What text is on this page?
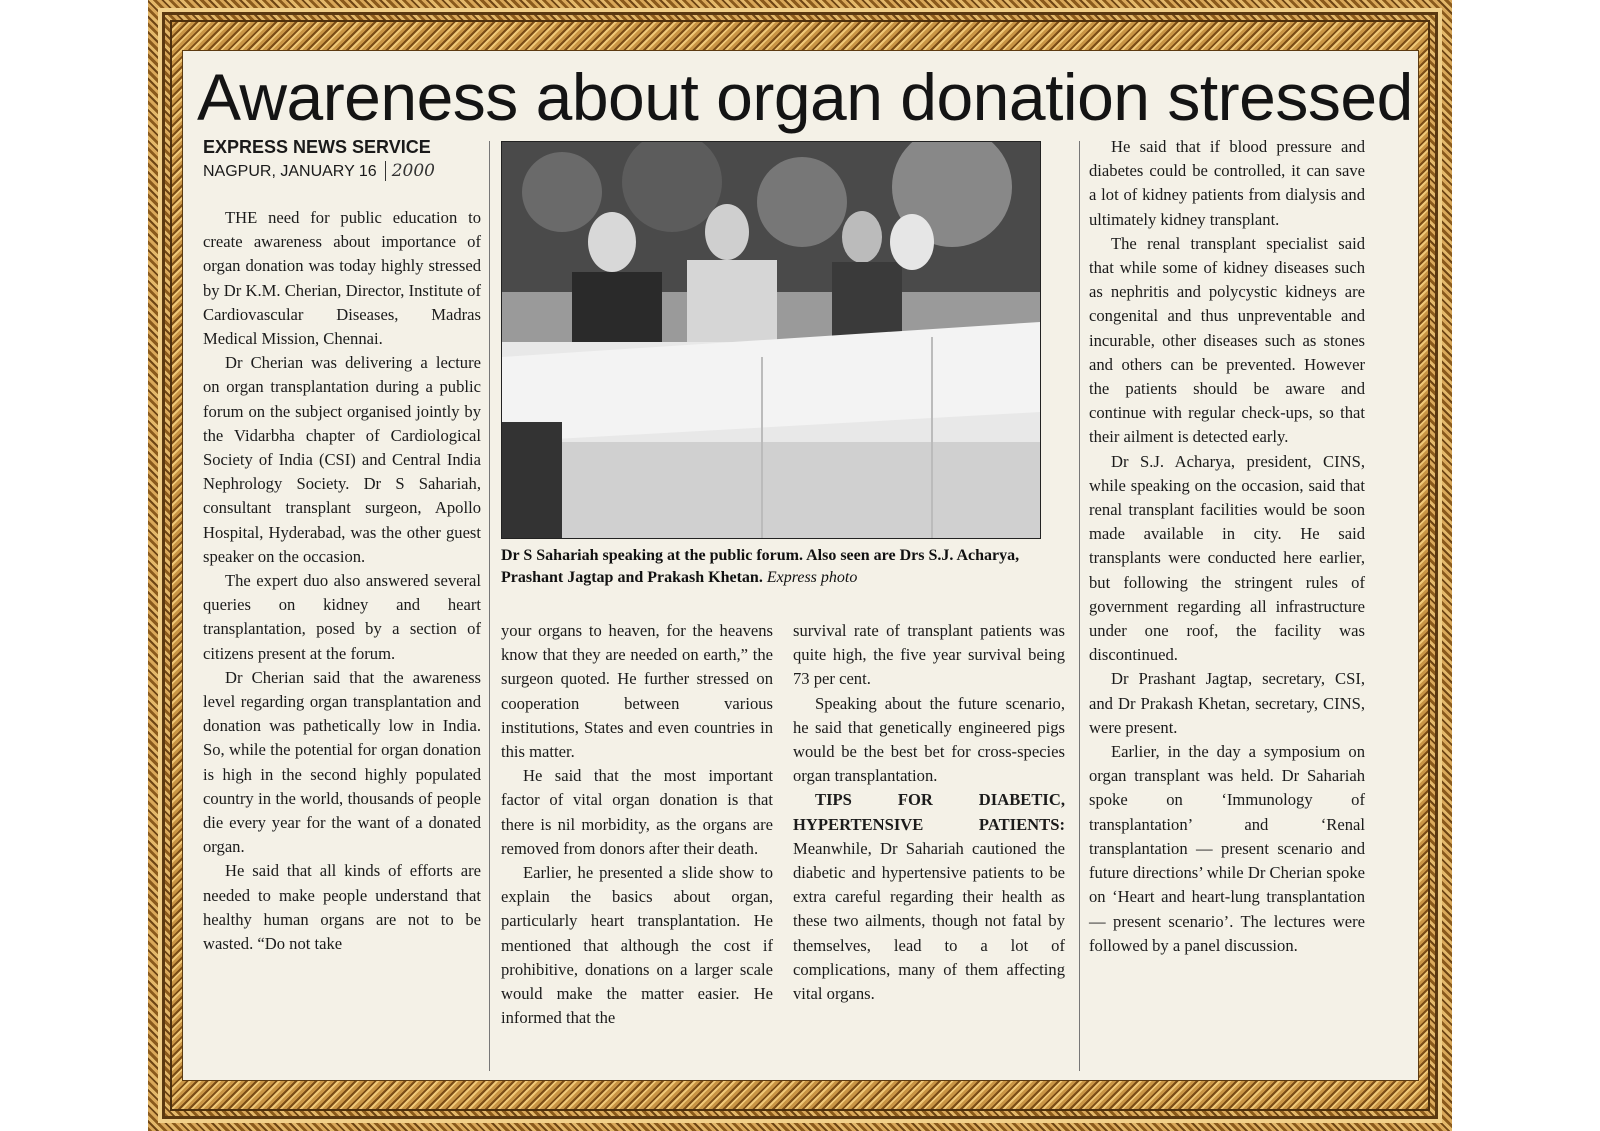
Awareness about organ donation stressed
EXPRESS NEWS SERVICE
NAGPUR, JANUARY 16 2000

THE need for public education to create awareness about importance of organ donation was today highly stressed by Dr K.M. Cherian, Director, Institute of Cardiovascular Diseases, Madras Medical Mission, Chennai.

Dr Cherian was delivering a lecture on organ transplantation during a public forum on the subject organised jointly by the Vidarbha chapter of Cardiological Society of India (CSI) and Central India Nephrology Society. Dr S Sahariah, consultant transplant surgeon, Apollo Hospital, Hyderabad, was the other guest speaker on the occasion.

The expert duo also answered several queries on kidney and heart transplantation, posed by a section of citizens present at the forum.

Dr Cherian said that the awareness level regarding organ transplantation and donation was pathetically low in India. So, while the potential for organ donation is high in the second highly populated country in the world, thousands of people die every year for the want of a donated organ.

He said that all kinds of efforts are needed to make people understand that healthy human organs are not to be wasted. “Do not take

Dr S Sahariah speaking at the public forum. Also seen are Drs S.J. Acharya, Prashant Jagtap and Prakash Khetan. Express photo

your organs to heaven, for the heavens know that they are needed on earth,” the surgeon quoted. He further stressed on cooperation between various institutions, States and even countries in this matter.

He said that the most important factor of vital organ donation is that there is nil morbidity, as the organs are removed from donors after their death.

Earlier, he presented a slide show to explain the basics about organ, particularly heart transplantation. He mentioned that although the cost if prohibitive, donations on a larger scale would make the matter easier. He informed that the

survival rate of transplant patients was quite high, the five year survival being 73 per cent.

Speaking about the future scenario, he said that genetically engineered pigs would be the best bet for cross-species organ transplantation.

TIPS FOR DIABETIC, HYPERTENSIVE PATIENTS: Meanwhile, Dr Sahariah cautioned the diabetic and hypertensive patients to be extra careful regarding their health as these two ailments, though not fatal by themselves, lead to a lot of complications, many of them affecting vital organs.

He said that if blood pressure and diabetes could be controlled, it can save a lot of kidney patients from dialysis and ultimately kidney transplant.

The renal transplant specialist said that while some of kidney diseases such as nephritis and polycystic kidneys are congenital and thus unpreventable and incurable, other diseases such as stones and others can be prevented. However the patients should be aware and continue with regular check-ups, so that their ailment is detected early.

Dr S.J. Acharya, president, CINS, while speaking on the occasion, said that renal transplant facilities would be soon made available in city. He said transplants were conducted here earlier, but following the stringent rules of government regarding all infrastructure under one roof, the facility was discontinued.

Dr Prashant Jagtap, secretary, CSI, and Dr Prakash Khetan, secretary, CINS, were present.

Earlier, in the day a symposium on organ transplant was held. Dr Sahariah spoke on ‘Immunology of transplantation’ and ‘Renal transplantation — present scenario and future directions’ while Dr Cherian spoke on ‘Heart and heart-lung transplantation — present scenario’. The lectures were followed by a panel discussion.
